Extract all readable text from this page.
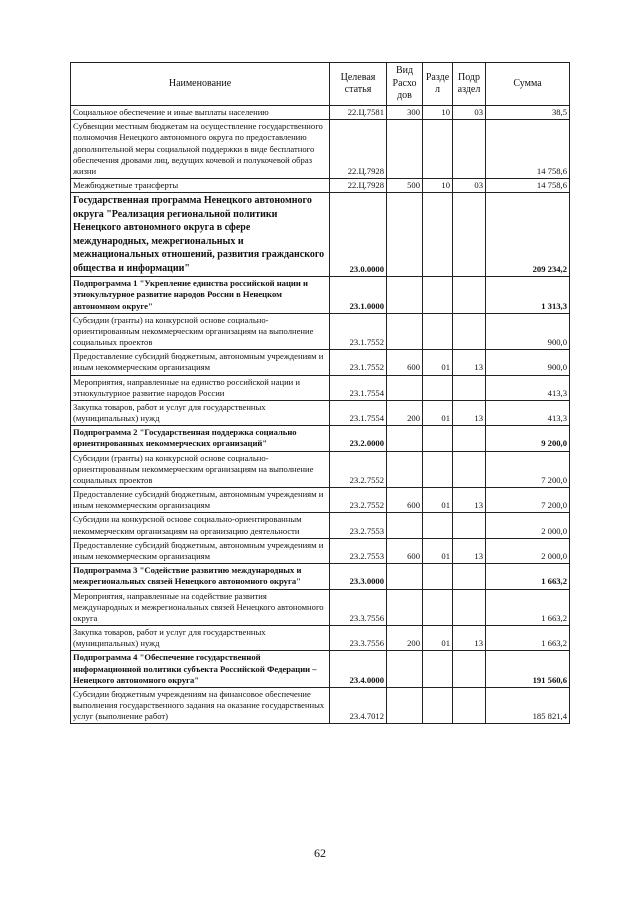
Наименование	Целевая статья	Вид Расхо дов	Разде л	Подр аздел	Сумма
Социальное обеспечение и иные выплаты населению	22.Ц.7581	300	10	03	38,5
Субвенции местным бюджетам на осуществление государственного полномочия Ненецкого автономного округа по предоставлению дополнительной меры социальной поддержки в виде бесплатного обеспечения дровами лиц, ведущих кочевой и полукочевой образ жизни	22.Ц.7928				14 758,6
Межбюджетные трансферты	22.Ц.7928	500	10	03	14 758,6
Государственная программа Ненецкого автономного округа "Реализация региональной политики Ненецкого автономного округа в сфере международных, межрегиональных и межнациональных отношений, развития гражданского общества и информации"	23.0.0000				209 234,2
Подпрограмма 1 "Укрепление единства российской нации и этнокультурное развитие народов России в Ненецком автономном округе"	23.1.0000				1 313,3
Субсидии (гранты) на конкурсной основе социально-ориентированным некоммерческим организациям на выполнение социальных проектов	23.1.7552				900,0
Предоставление субсидий бюджетным, автономным учреждениям и иным некоммерческим организациям	23.1.7552	600	01	13	900,0
Мероприятия, направленные на единство российской нации и этнокультурное развитие народов России	23.1.7554				413,3
Закупка товаров, работ и услуг для государственных (муниципальных) нужд	23.1.7554	200	01	13	413,3
Подпрограмма 2 "Государственная поддержка социально ориентированных некоммерческих организаций"	23.2.0000				9 200,0
Субсидии (гранты) на конкурсной основе социально-ориентированным некоммерческим организациям на выполнение социальных проектов	23.2.7552				7 200,0
Предоставление субсидий бюджетным, автономным учреждениям и иным некоммерческим организациям	23.2.7552	600	01	13	7 200,0
Субсидии на конкурсной основе социально-ориентированным некоммерческим организациям на организацию деятельности	23.2.7553				2 000,0
Предоставление субсидий бюджетным, автономным учреждениям и иным некоммерческим организациям	23.2.7553	600	01	13	2 000,0
Подпрограмма 3 "Содействие развитию международных и межрегиональных связей Ненецкого автономного округа"	23.3.0000				1 663,2
Мероприятия, направленные на содействие развития международных и межрегиональных связей Ненецкого автономного округа	23.3.7556				1 663,2
Закупка товаров, работ и услуг для государственных (муниципальных) нужд	23.3.7556	200	01	13	1 663,2
Подпрограмма 4 "Обеспечение государственной информационной политики субъекта Российской Федерации – Ненецкого автономного округа"	23.4.0000				191 560,6
Субсидии бюджетным учреждениям на финансовое обеспечение выполнения государственного задания на оказание государственных услуг (выполнение работ)	23.4.7012				185 821,4
62
